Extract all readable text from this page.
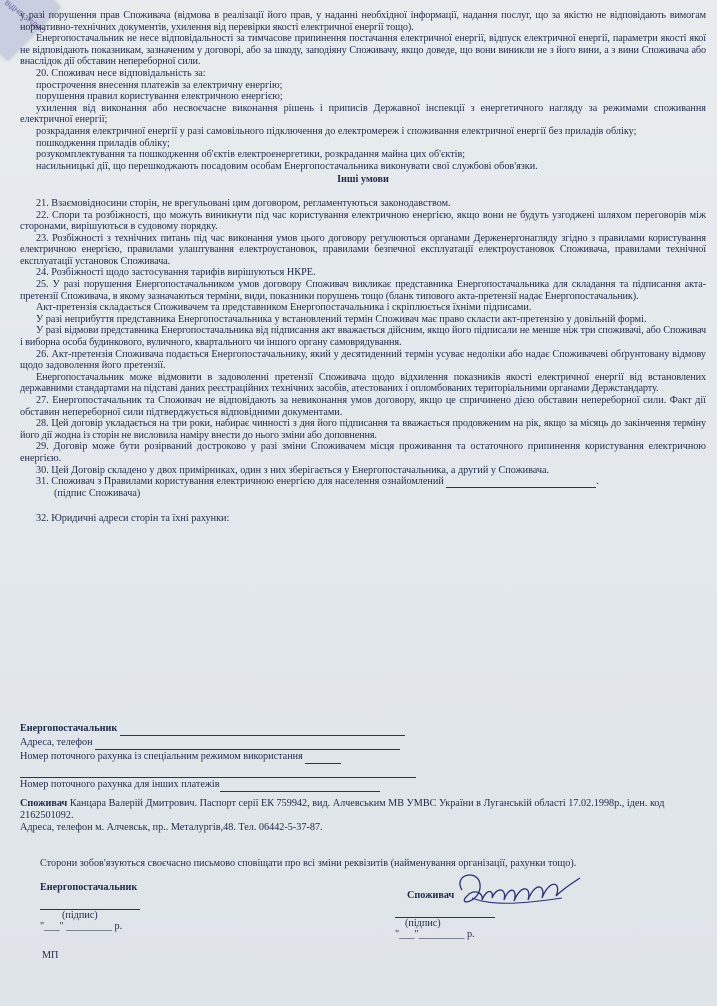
ВІДНО ЗГІДНО

у разі порушення прав Споживача (відмова в реалізації його прав, у наданні необхідної інформації, надання послуг, що за якістю не відповідають вимогам нормативно-технічних документів, ухилення від перевірки якості електричної енергії тощо).

Енергопостачальник не несе відповідальності за тимчасове припинення постачання електричної енергії, відпуск електричної енергії, параметри якості якої не відповідають показникам, зазначеним у договорі, або за шкоду, заподіяну Споживачу, якщо доведе, що вони виникли не з його вини, а з вини Споживача або внаслідок дії обставин непереборної сили.

20. Споживач несе відповідальність за:

прострочення внесення платежів за електричну енергію;

порушення правил користування електричною енергією;

ухилення від виконання або несвоєчасне виконання рішень і приписів Державної інспекції з енергетичного нагляду за режимами споживання електричної енергії;

розкрадання електричної енергії у разі самовільного підключення до електромереж і споживання електричної енергії без приладів обліку;

пошкодження приладів обліку;

розукомплектування та пошкодження об'єктів електроенергетики, розкрадання майна цих об'єктів;

насильницькі дії, що перешкоджають посадовим особам Енергопостачальника виконувати свої службові обов'язки.

Інші умови

21. Взаємовідносини сторін, не врегульовані цим договором, регламентуються законодавством.

22. Спори та розбіжності, що можуть виникнути під час користування електричною енергією, якщо вони не будуть узгоджені шляхом переговорів між сторонами, вирішуються в судовому порядку.

23. Розбіжності з технічних питань під час виконання умов цього договору регулюються органами Держенергонагляду згідно з правилами користування електричною енергією, правилами улаштування електроустановок, правилами безпечної експлуатації електроустановок Споживача, правилами технічної експлуатації установок Споживача.

24. Розбіжності щодо застосування тарифів вирішуються НКРЕ.

25. У разі порушення Енергопостачальником умов договору Споживач викликає представника Енергопостачальника для складання та підписання акта-претензії Споживача, в якому зазначаються терміни, види, показники порушень тощо (бланк типового акта-претензії надає Енергопостачальник).

Акт-претензія складається Споживачем та представником Енергопостачальника і скріплюється їхніми підписами.

У разі неприбуття представника Енергопостачальника у встановлений термін Споживач має право скласти акт-претензію у довільній формі.

У разі відмови представника Енергопостачальника від підписання акт вважається дійсним, якщо його підписали не менше ніж три споживачі, або Споживач і виборна особа будинкового, вуличного, квартального чи іншого органу самоврядування.

26. Акт-претензія Споживача подається Енергопостачальнику, який у десятиденний термін усуває недоліки або надає Споживачеві обґрунтовану відмову щодо задоволення його претензії.

Енергопостачальник може відмовити в задоволенні претензії Споживача щодо відхилення показників якості електричної енергії від встановлених державними стандартами на підставі даних реєстраційних технічних засобів, атестованих і опломбованих територіальними органами Держстандарту.

27. Енергопостачальник та Споживач не відповідають за невиконання умов договору, якщо це спричинено дією обставин непереборної сили. Факт дії обставин непереборної сили підтверджується відповідними документами.

28. Цей договір укладається на три роки, набирає чинності з дня його підписання та вважається продовженим на рік, якщо за місяць до закінчення терміну його дії жодна із сторін не висловила наміру внести до нього зміни або доповнення.

29. Договір може бути розірваний достроково у разі зміни Споживачем місця проживання та остаточного припинення користування електричною енергією.

30. Цей Договір складено у двох примірниках, один з них зберігається у Енергопостачальника, а другий у Споживача.

31. Споживач з Правилами користування електричною енергією для населення ознайомлений	.

(підпис Споживача)

32. Юридичні адреси сторін та їхні рахунки:

Енергопостачальник
Адреса, телефон
Номер поточного рахунка із спеціальним режимом використання
Номер поточного рахунка для інших платежів
Споживач Канцара Валерій Дмитрович. Паспорт серії ЕК 759942, вид. Алчевським МВ УМВС України в Луганській області 17.02.1998р., іден. код 2162501092.
Адреса, телефон м. Алчевськ, пр.. Металургів,48. Тел. 06442-5-37-87.
Сторони зобов'язуються своєчасно письмово сповіщати про всі зміни реквізитів (найменування організації, рахунки тощо).
Енергопостачальник
(підпис)
"___" _________ р.
Споживач
(підпис)
"___"_________ р.
МП
